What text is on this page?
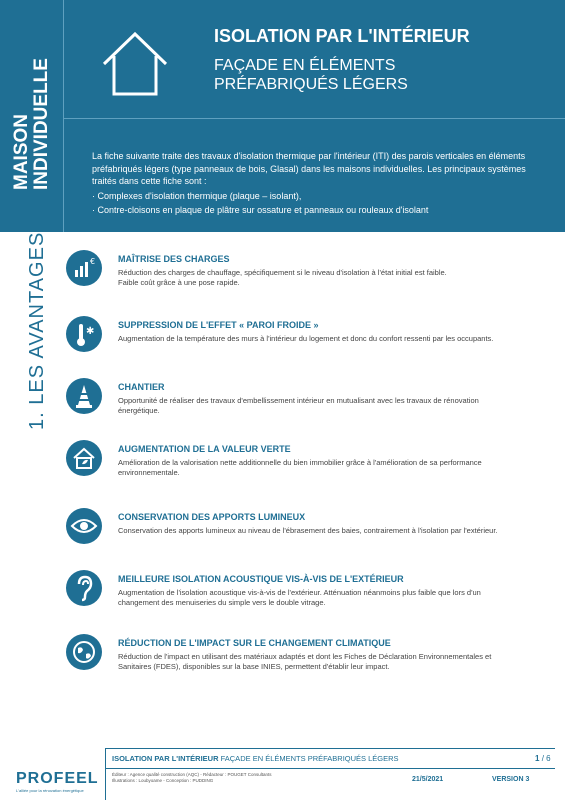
MAISON INDIVIDUELLE
ISOLATION PAR L'INTÉRIEUR
FAÇADE EN ÉLÉMENTS
PRÉFABRIQUÉS LÉGERS

La fiche suivante traite des travaux d'isolation thermique par l'intérieur (ITI) des parois verticales en éléments préfabriqués légers (type panneaux de bois, Glasal) dans les maisons individuelles. Les principaux systèmes traités dans cette fiche sont :

· Complexes d'isolation thermique (plaque – isolant),

· Contre-cloisons en plaque de plâtre sur ossature et panneaux ou rouleaux d'isolant

1. LES AVANTAGES	€	MAÎTRISE DES CHARGES
Réduction des charges de chauffage, spécifiquement si le niveau d'isolation à l'état initial est faible.
Faible coût grâce à une pose rapide.
✱
SUPPRESSION DE L'EFFET « PAROI FROIDE »
Augmentation de la température des murs à l'intérieur du logement et donc du confort ressenti par les occupants.
CHANTIER
Opportunité de réaliser des travaux d'embellissement intérieur en mutualisant avec les travaux de rénovation énergétique.
AUGMENTATION DE LA VALEUR VERTE
Amélioration de la valorisation nette additionnelle du bien immobilier grâce à l'amélioration de sa performance environnementale.
CONSERVATION DES APPORTS LUMINEUX
Conservation des apports lumineux au niveau de l'ébrasement des baies, contrairement à l'isolation par l'extérieur.
MEILLEURE ISOLATION ACOUSTIQUE VIS-À-VIS DE L'EXTÉRIEUR
Augmentation de l'isolation acoustique vis-à-vis de l'extérieur. Atténuation néanmoins plus faible que lors d'un changement des menuiseries du simple vers le double vitrage.
RÉDUCTION DE L'IMPACT SUR LE CHANGEMENT CLIMATIQUE
Réduction de l'impact en utilisant des matériaux adaptés et dont les Fiches de Déclaration Environnementales et Sanitaires (FDES), disponibles sur la base INIES, permettent d'établir leur impact.
PROFEEL
L'alliée pour la rénovation énergétique
ISOLATION PAR L'INTÉRIEUR FAÇADE EN ÉLÉMENTS PRÉFABRIQUÉS LÉGERS	1 / 6
Éditeur : Agence qualité construction (AQC) - Rédacteur : POUGET Consultants
Illustrations : Loubyoame - Conception : PUDDING	21/5/2021	VERSION 3
